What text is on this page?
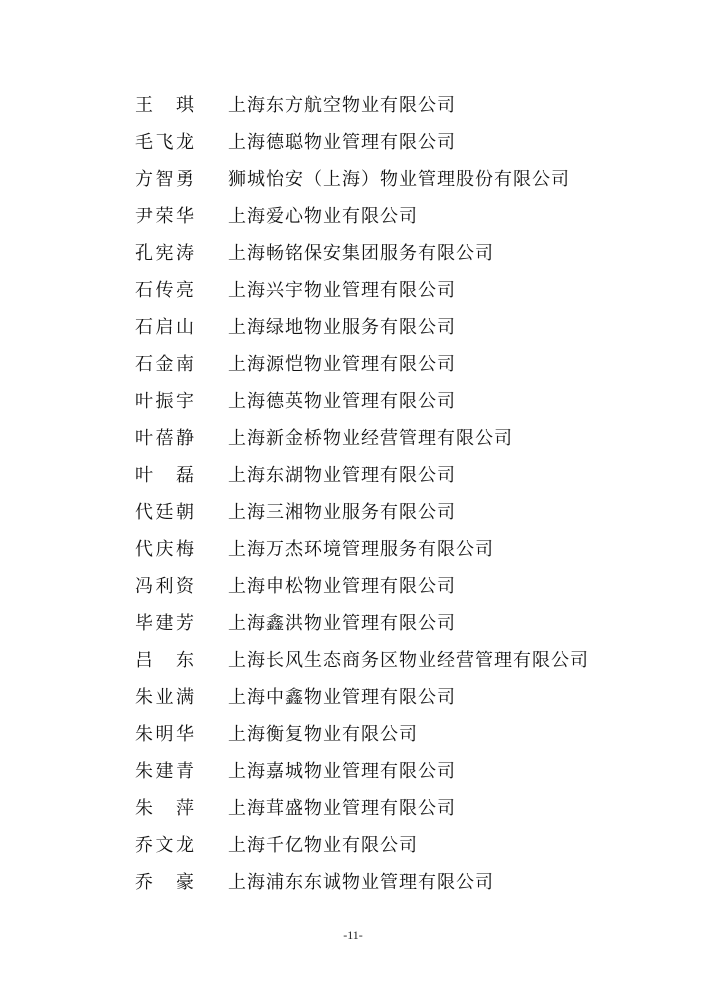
王　琪 上海东方航空物业有限公司
毛飞龙 上海德聪物业管理有限公司
方智勇 狮城怡安（上海）物业管理股份有限公司
尹荣华 上海爱心物业有限公司
孔宪涛 上海畅铭保安集团服务有限公司
石传亮 上海兴宇物业管理有限公司
石启山 上海绿地物业服务有限公司
石金南 上海源恺物业管理有限公司
叶振宇 上海德英物业管理有限公司
叶蓓静 上海新金桥物业经营管理有限公司
叶　磊 上海东湖物业管理有限公司
代廷朝 上海三湘物业服务有限公司
代庆梅 上海万杰环境管理服务有限公司
冯利资 上海申松物业管理有限公司
毕建芳 上海鑫洪物业管理有限公司
吕　东 上海长风生态商务区物业经营管理有限公司
朱业满 上海中鑫物业管理有限公司
朱明华 上海衡复物业有限公司
朱建青 上海嘉城物业管理有限公司
朱　萍 上海茸盛物业管理有限公司
乔文龙 上海千亿物业有限公司
乔　豪 上海浦东东诚物业管理有限公司
-11-
